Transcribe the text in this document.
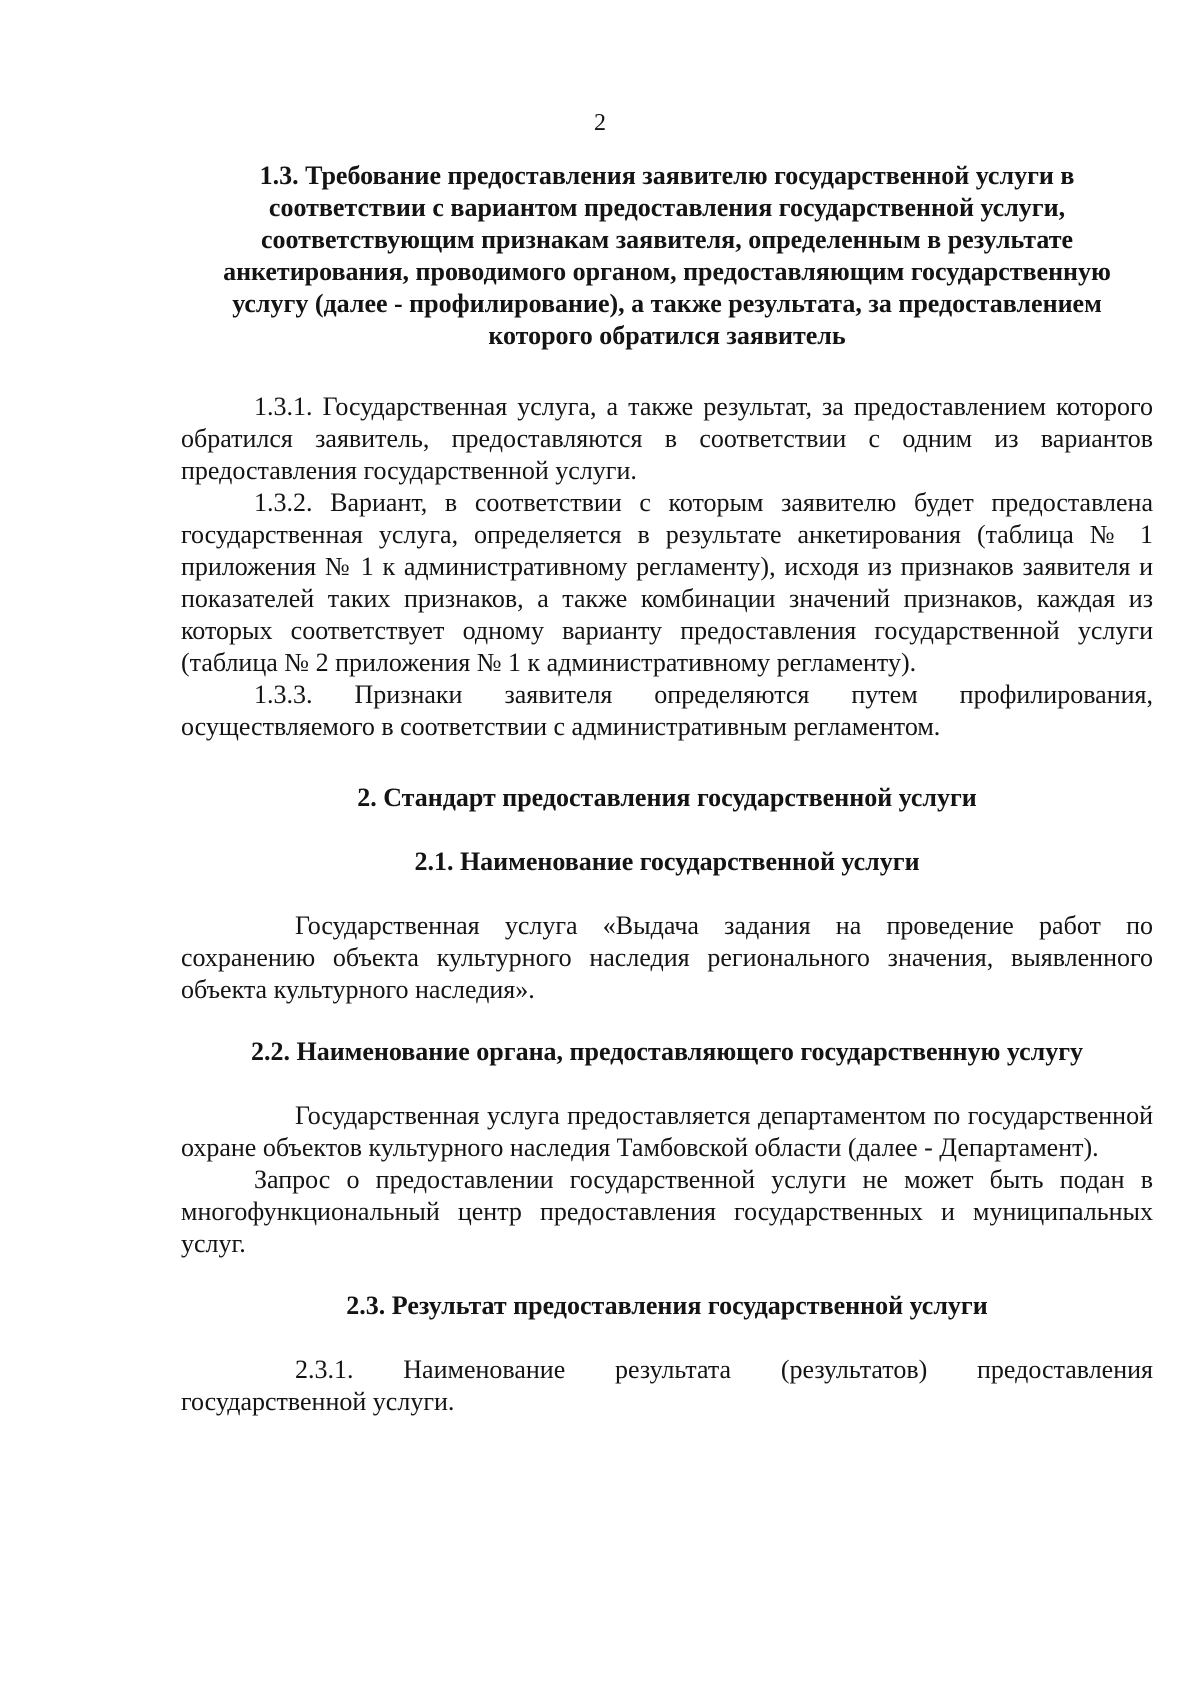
2

1.3. Требование предоставления заявителю государственной услуги в соответствии с вариантом предоставления государственной услуги, соответствующим признакам заявителя, определенным в результате анкетирования, проводимого органом, предоставляющим государственную услугу (далее - профилирование), а также результата, за предоставлением которого обратился заявитель

1.3.1. Государственная услуга, а также результат, за предоставлением которого обратился заявитель, предоставляются в соответствии с одним из вариантов предоставления государственной услуги.

1.3.2. Вариант, в соответствии с которым заявителю будет предоставлена государственная услуга, определяется в результате анкетирования (таблица № 1 приложения № 1 к административному регламенту), исходя из признаков заявителя и показателей таких признаков, а также комбинации значений признаков, каждая из которых соответствует одному варианту предоставления государственной услуги (таблица № 2 приложения № 1 к административному регламенту).

1.3.3. Признаки заявителя определяются путем профилирования, осуществляемого в соответствии с административным регламентом.

2. Стандарт предоставления государственной услуги

2.1. Наименование государственной услуги

Государственная услуга «Выдача задания на проведение работ по сохранению объекта культурного наследия регионального значения, выявленного объекта культурного наследия».

2.2. Наименование органа, предоставляющего государственную услугу

Государственная услуга предоставляется департаментом по государственной охране объектов культурного наследия Тамбовской области (далее - Департамент).

Запрос о предоставлении государственной услуги не может быть подан в многофункциональный центр предоставления государственных и муниципальных услуг.

2.3. Результат предоставления государственной услуги

2.3.1. Наименование результата (результатов) предоставления государственной услуги.
